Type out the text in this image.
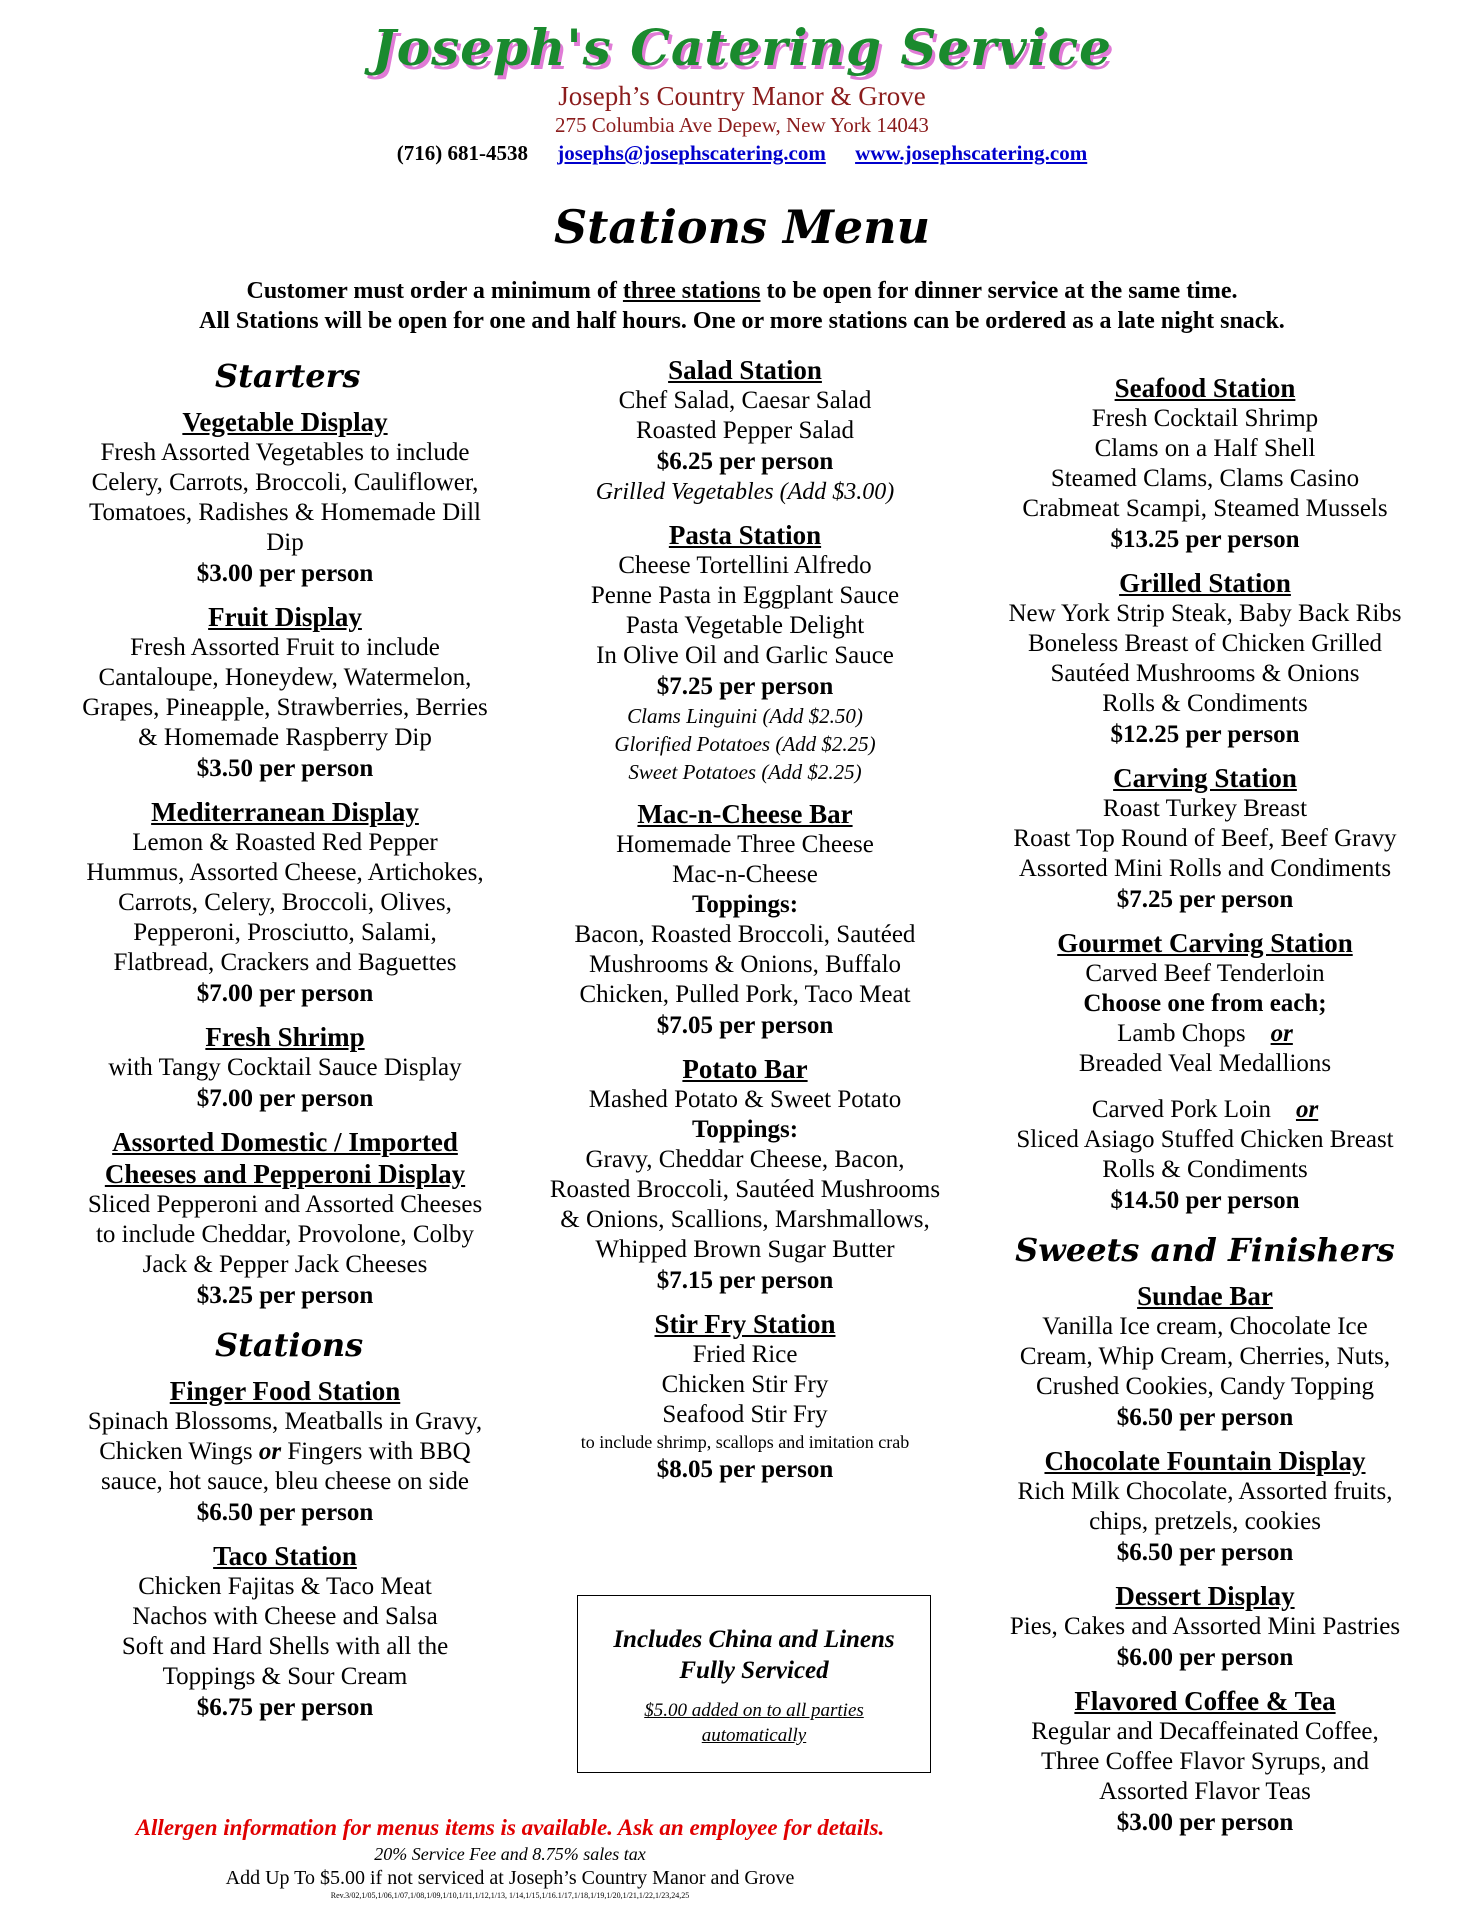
Joseph's Catering Service
Joseph’s Country Manor & Grove
275 Columbia Ave Depew, New York 14043
(716) 681-4538 josephs@josephscatering.com www.josephscatering.com
Stations Menu
Customer must order a minimum of three stations to be open for dinner service at the same time.
All Stations will be open for one and half hours. One or more stations can be ordered as a late night snack.
Starters
Vegetable Display
Fresh Assorted Vegetables to include
Celery, Carrots, Broccoli, Cauliflower,
Tomatoes, Radishes & Homemade Dill
Dip
$3.00 per person
Fruit Display
Fresh Assorted Fruit to include
Cantaloupe, Honeydew, Watermelon,
Grapes, Pineapple, Strawberries, Berries
& Homemade Raspberry Dip
$3.50 per person
Mediterranean Display
Lemon & Roasted Red Pepper
Hummus, Assorted Cheese, Artichokes,
Carrots, Celery, Broccoli, Olives,
Pepperoni, Prosciutto, Salami,
Flatbread, Crackers and Baguettes
$7.00 per person
Fresh Shrimp
with Tangy Cocktail Sauce Display
$7.00 per person
Assorted Domestic / Imported
Cheeses and Pepperoni Display
Sliced Pepperoni and Assorted Cheeses
to include Cheddar, Provolone, Colby
Jack & Pepper Jack Cheeses
$3.25 per person
Stations
Finger Food Station
Spinach Blossoms, Meatballs in Gravy,
Chicken Wings or Fingers with BBQ
sauce, hot sauce, bleu cheese on side
$6.50 per person
Taco Station
Chicken Fajitas & Taco Meat
Nachos with Cheese and Salsa
Soft and Hard Shells with all the
Toppings & Sour Cream
$6.75 per person
Salad Station
Chef Salad, Caesar Salad
Roasted Pepper Salad
$6.25 per person
Grilled Vegetables (Add $3.00)
Pasta Station
Cheese Tortellini Alfredo
Penne Pasta in Eggplant Sauce
Pasta Vegetable Delight
In Olive Oil and Garlic Sauce
$7.25 per person
Clams Linguini (Add $2.50)
Glorified Potatoes (Add $2.25)
Sweet Potatoes (Add $2.25)
Mac-n-Cheese Bar
Homemade Three Cheese
Mac-n-Cheese
Toppings:
Bacon, Roasted Broccoli, Sautéed
Mushrooms & Onions, Buffalo
Chicken, Pulled Pork, Taco Meat
$7.05 per person
Potato Bar
Mashed Potato & Sweet Potato
Toppings:
Gravy, Cheddar Cheese, Bacon,
Roasted Broccoli, Sautéed Mushrooms
& Onions, Scallions, Marshmallows,
Whipped Brown Sugar Butter
$7.15 per person
Stir Fry Station
Fried Rice
Chicken Stir Fry
Seafood Stir Fry
to include shrimp, scallops and imitation crab
$8.05 per person
Includes China and Linens
Fully Serviced
$5.00 added on to all parties
automatically
Seafood Station
Fresh Cocktail Shrimp
Clams on a Half Shell
Steamed Clams, Clams Casino
Crabmeat Scampi, Steamed Mussels
$13.25 per person
Grilled Station
New York Strip Steak, Baby Back Ribs
Boneless Breast of Chicken Grilled
Sautéed Mushrooms & Onions
Rolls & Condiments
$12.25 per person
Carving Station
Roast Turkey Breast
Roast Top Round of Beef, Beef Gravy
Assorted Mini Rolls and Condiments
$7.25 per person
Gourmet Carving Station
Carved Beef Tenderloin
Choose one from each;
Lamb Chops or
Breaded Veal Medallions
Carved Pork Loin or
Sliced Asiago Stuffed Chicken Breast
Rolls & Condiments
$14.50 per person
Sweets and Finishers
Sundae Bar
Vanilla Ice cream, Chocolate Ice
Cream, Whip Cream, Cherries, Nuts,
Crushed Cookies, Candy Topping
$6.50 per person
Chocolate Fountain Display
Rich Milk Chocolate, Assorted fruits,
chips, pretzels, cookies
$6.50 per person
Dessert Display
Pies, Cakes and Assorted Mini Pastries
$6.00 per person
Flavored Coffee & Tea
Regular and Decaffeinated Coffee,
Three Coffee Flavor Syrups, and
Assorted Flavor Teas
$3.00 per person
Allergen information for menus items is available. Ask an employee for details.
20% Service Fee and 8.75% sales tax
Add Up To $5.00 if not serviced at Joseph’s Country Manor and Grove
Rev.3/02,1/05,1/06,1/07,1/08,1/09,1/10,1/11,1/12,1/13, 1/14,1/15,1/16.1/17,1/18,1/19,1/20,1/21,1/22,1/23,24,25
